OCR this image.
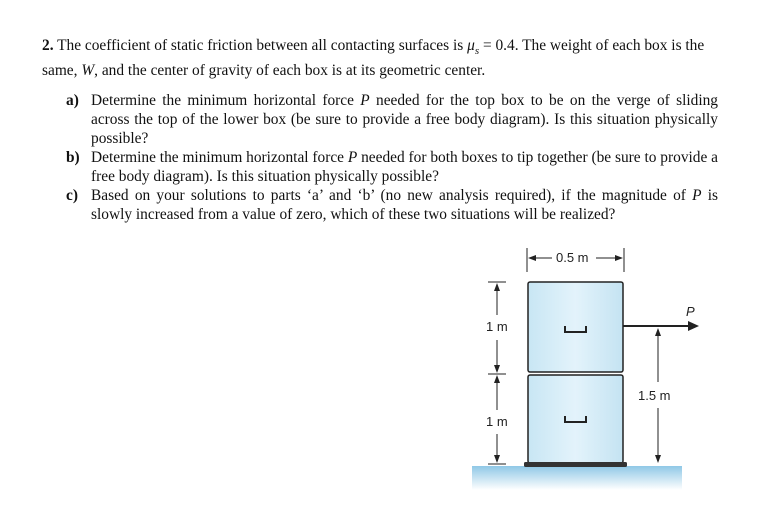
2. The coefficient of static friction between all contacting surfaces is $\mu_s = 0.4$. The weight of each box is the same, W, and the center of gravity of each box is at its geometric center.
a) Determine the minimum horizontal force P needed for the top box to be on the verge of sliding across the top of the lower box (be sure to provide a free body diagram). Is this situation physically possible?
b) Determine the minimum horizontal force P needed for both boxes to tip together (be sure to provide a free body diagram). Is this situation physically possible?
c) Based on your solutions to parts ‘a’ and ‘b’ (no new analysis required), if the magnitude of P is slowly increased from a value of zero, which of these two situations will be realized?
0.5 m
1 m
1 m
P
1.5 m
